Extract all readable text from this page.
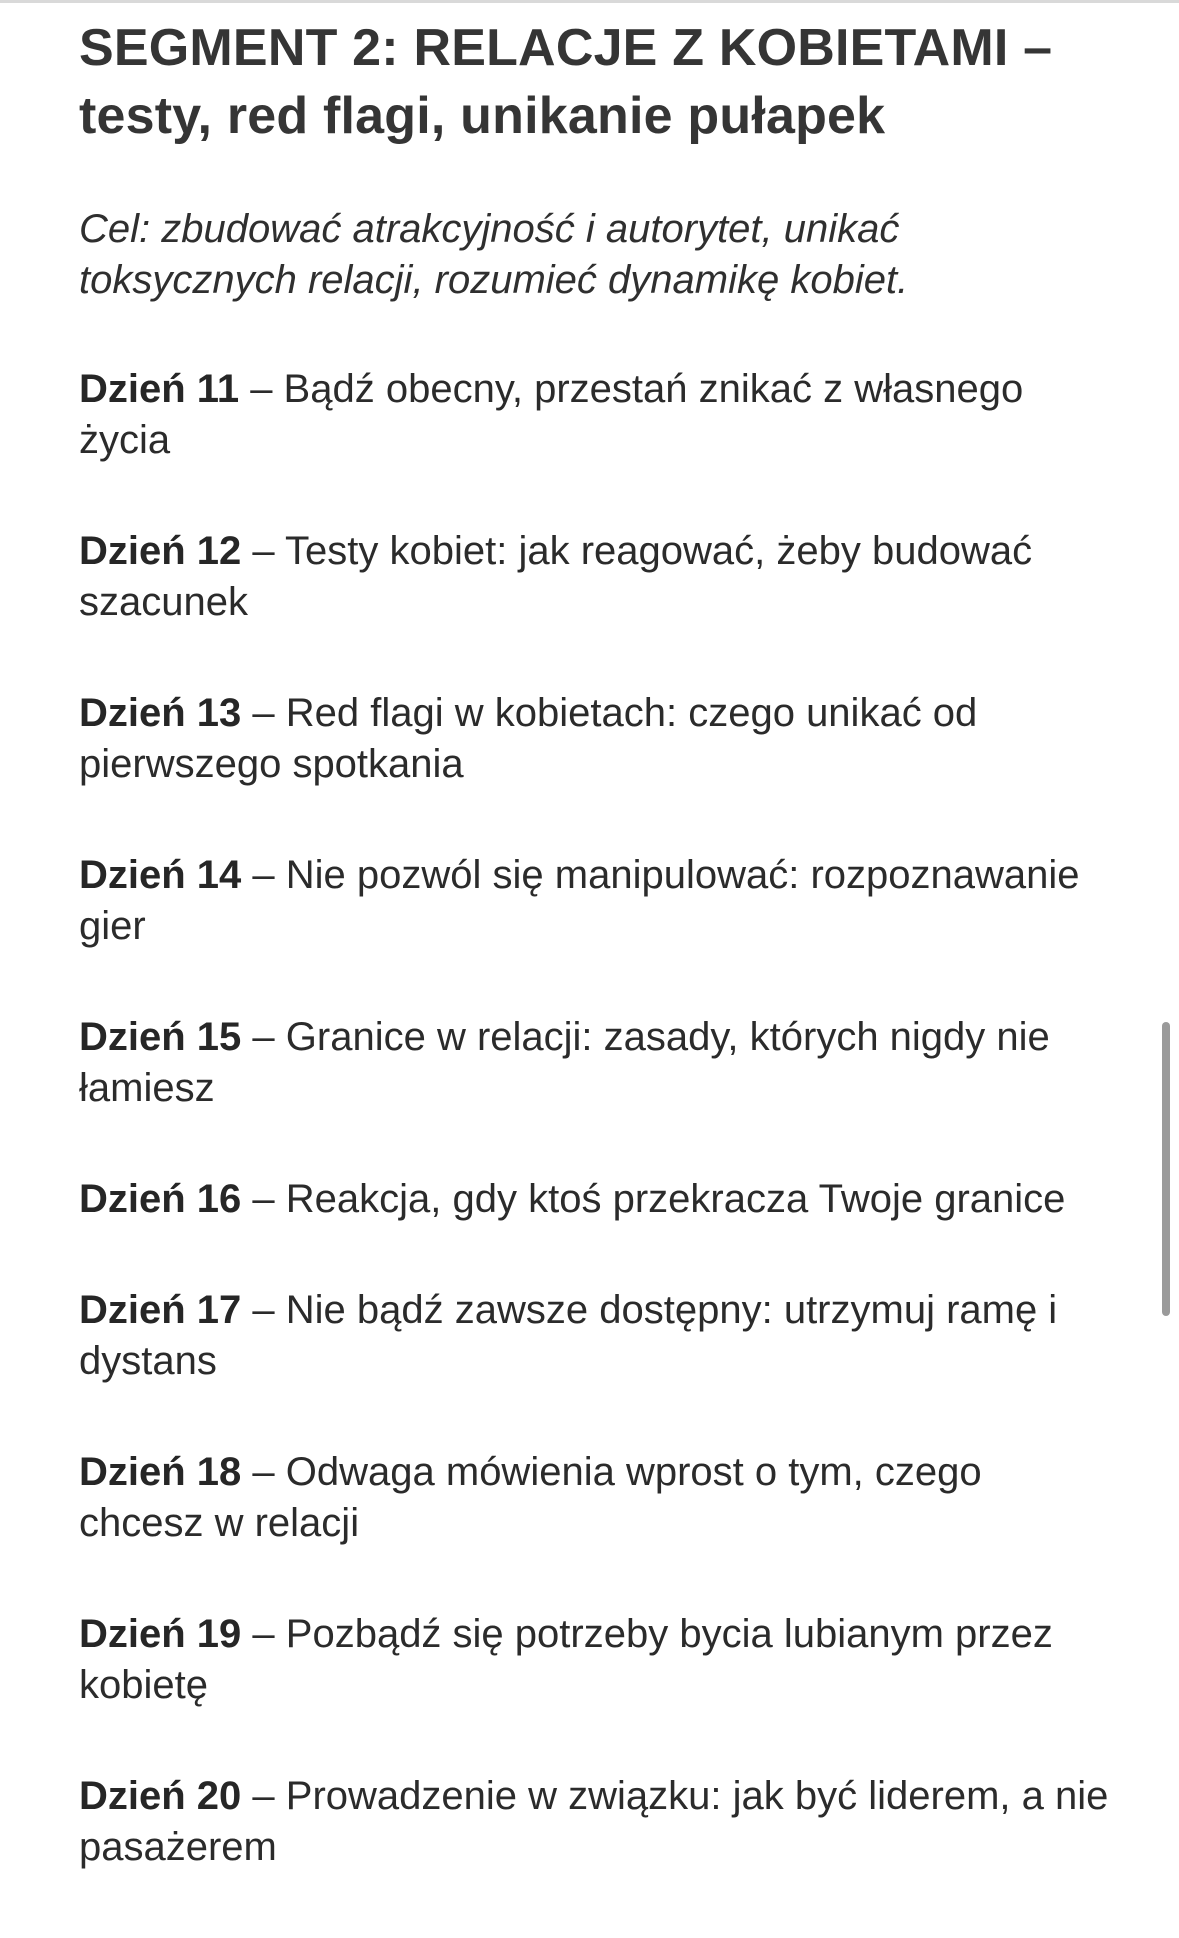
SEGMENT 2: RELACJE Z KOBIETAMI – testy, red flagi, unikanie pułapek

Cel: zbudować atrakcyjność i autorytet, unikać toksycznych relacji, rozumieć dynamikę kobiet.

Dzień 11 – Bądź obecny, przestań znikać z własnego życia
Dzień 12 – Testy kobiet: jak reagować, żeby budować szacunek
Dzień 13 – Red flagi w kobietach: czego unikać od pierwszego spotkania
Dzień 14 – Nie pozwól się manipulować: rozpoznawanie gier
Dzień 15 – Granice w relacji: zasady, których nigdy nie łamiesz
Dzień 16 – Reakcja, gdy ktoś przekracza Twoje granice
Dzień 17 – Nie bądź zawsze dostępny: utrzymuj ramę i dystans
Dzień 18 – Odwaga mówienia wprost o tym, czego chcesz w relacji
Dzień 19 – Pozbądź się potrzeby bycia lubianym przez kobietę
Dzień 20 – Prowadzenie w związku: jak być liderem, a nie pasażerem
